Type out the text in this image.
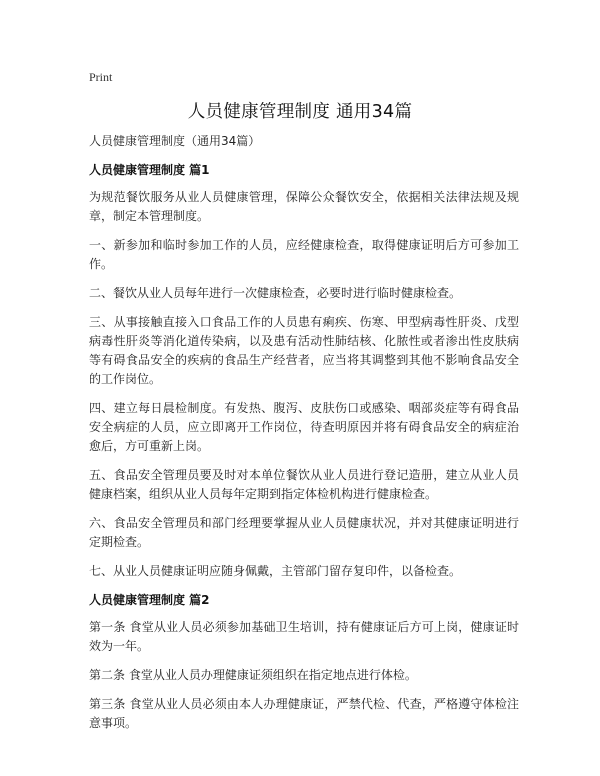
Print
人员健康管理制度 通用34篇

人员健康管理制度（通用34篇）

人员健康管理制度 篇1

为规范餐饮服务从业人员健康管理，保障公众餐饮安全，依据相关法律法规及规章，制定本管理制度。

一、新参加和临时参加工作的人员，应经健康检查，取得健康证明后方可参加工作。

二、餐饮从业人员每年进行一次健康检查，必要时进行临时健康检查。

三、从事接触直接入口食品工作的人员患有痢疾、伤寒、甲型病毒性肝炎、戊型病毒性肝炎等消化道传染病，以及患有活动性肺结核、化脓性或者渗出性皮肤病等有碍食品安全的疾病的食品生产经营者，应当将其调整到其他不影响食品安全的工作岗位。

四、建立每日晨检制度。有发热、腹泻、皮肤伤口或感染、咽部炎症等有碍食品安全病症的人员，应立即离开工作岗位，待查明原因并将有碍食品安全的病症治愈后，方可重新上岗。

五、食品安全管理员要及时对本单位餐饮从业人员进行登记造册，建立从业人员健康档案，组织从业人员每年定期到指定体检机构进行健康检查。

六、食品安全管理员和部门经理要掌握从业人员健康状况，并对其健康证明进行定期检查。

七、从业人员健康证明应随身佩戴，主管部门留存复印件，以备检查。

人员健康管理制度 篇2

第一条 食堂从业人员必须参加基础卫生培训，持有健康证后方可上岗，健康证时效为一年。

第二条 食堂从业人员办理健康证须组织在指定地点进行体检。

第三条 食堂从业人员必须由本人办理健康证，严禁代检、代查，严格遵守体检注意事项。
